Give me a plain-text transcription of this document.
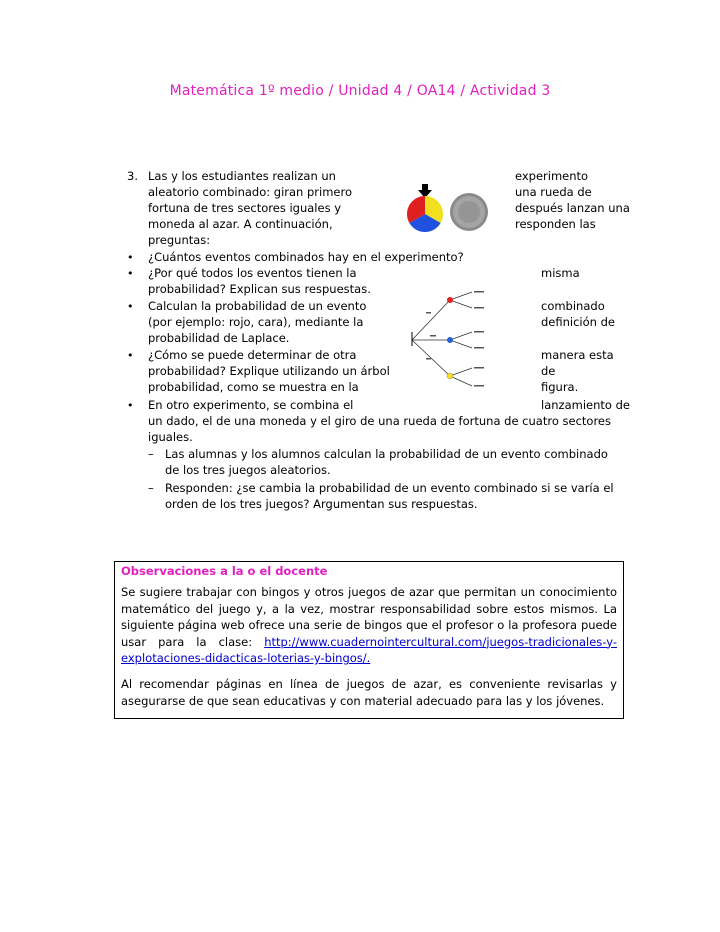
Matemática 1º medio / Unidad 4 / OA14 / Actividad 3
3. Las y los estudiantes realizan un	experimento
aleatorio combinado: giran primero	una rueda de
fortuna de tres sectores iguales y	después lanzan una
moneda al azar. A continuación,	responden las
preguntas:
• ¿Cuántos eventos combinados hay en el experimento?
• ¿Por qué todos los eventos tienen la	misma
probabilidad? Explican sus respuestas.
• Calculan la probabilidad de un evento	combinado
(por ejemplo: rojo, cara), mediante la	definición de
probabilidad de Laplace.
• ¿Cómo se puede determinar de otra	manera esta
probabilidad? Explique utilizando un árbol	de
probabilidad, como se muestra en la	figura.
• En otro experimento, se combina el	lanzamiento de
un dado, el de una moneda y el giro de una rueda de fortuna de cuatro sectores
iguales.
– Las alumnas y los alumnos calculan la probabilidad de un evento combinado
de los tres juegos aleatorios.
– Responden: ¿se cambia la probabilidad de un evento combinado si se varía el
orden de los tres juegos? Argumentan sus respuestas.
Observaciones a la o el docente
Se sugiere trabajar con bingos y otros juegos de azar que permitan un conocimiento matemático del juego y, a la vez, mostrar responsabilidad sobre estos mismos. La siguiente página web ofrece una serie de bingos que el profesor o la profesora puede usar para la clase: http://www.cuadernointercultural.com/juegos-tradicionales-y-explotaciones-didacticas-loterias-y-bingos/.
Al recomendar páginas en línea de juegos de azar, es conveniente revisarlas y asegurarse de que sean educativas y con material adecuado para las y los jóvenes.
